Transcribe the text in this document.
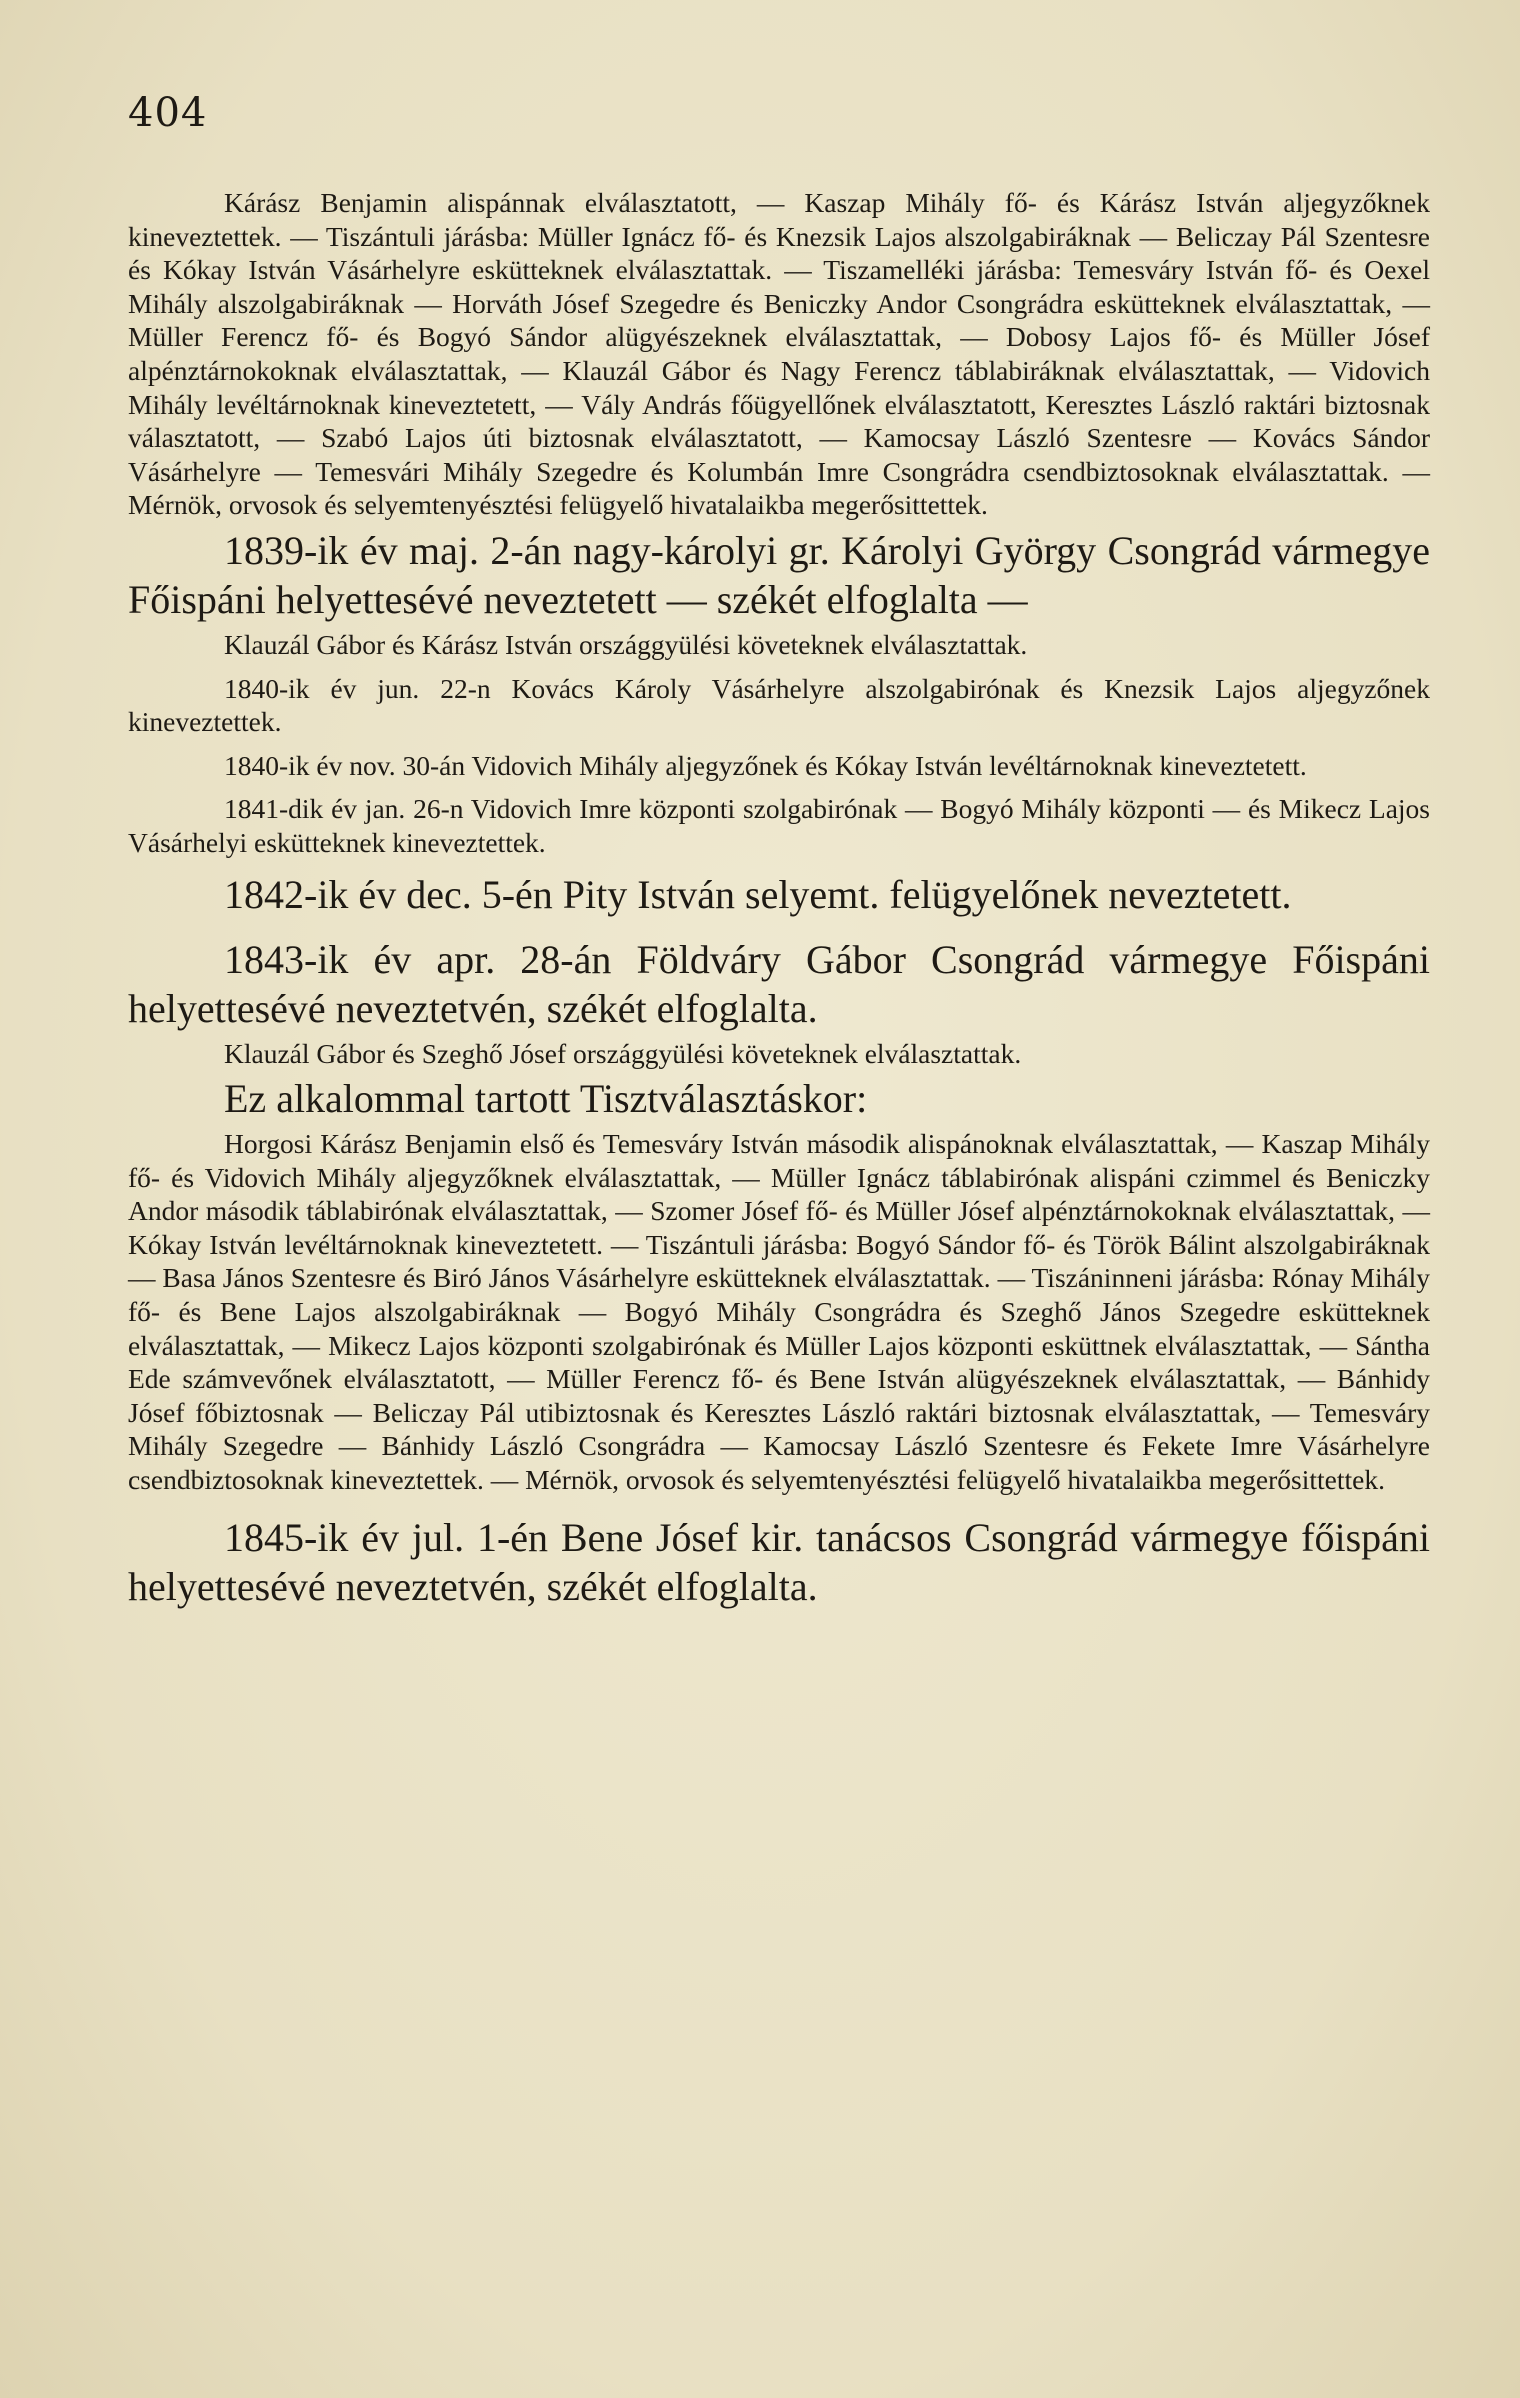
404

Kárász Benjamin alispánnak elválasztatott, — Kaszap Mihály fő- és Kárász István aljegyzőknek kineveztettek. — Tiszántuli járásba: Müller Ignácz fő- és Knezsik Lajos alszolgabiráknak — Beliczay Pál Szentesre és Kókay István Vásárhelyre eskütteknek elválasztattak. — Tiszamelléki járásba: Temesváry István fő- és Oexel Mihály alszolgabiráknak — Horváth Jósef Szegedre és Beniczky Andor Csongrádra eskütteknek elválasztattak, — Müller Ferencz fő- és Bogyó Sándor alügyészeknek elválasztattak, — Dobosy Lajos fő- és Müller Jósef alpénztárnokoknak elválasztattak, — Klauzál Gábor és Nagy Ferencz táblabiráknak elválasztattak, — Vidovich Mihály levéltárnoknak kineveztetett, — Vály András főügyellőnek elválasztatott, Keresztes László raktári biztosnak választatott, — Szabó Lajos úti biztosnak elválasztatott, — Kamocsay László Szentesre — Kovács Sándor Vásárhelyre — Temesvári Mihály Szegedre és Kolumbán Imre Csongrádra csendbiztosoknak elválasztattak. — Mérnök, orvosok és selyemtenyésztési felügyelő hivatalaikba megerősittettek.

1839-ik év maj. 2-án nagy-károlyi gr. Károlyi György Csongrád vármegye Főispáni helyettesévé neveztetett — székét elfoglalta —

Klauzál Gábor és Kárász István országgyülési követeknek elválasztattak.

1840-ik év jun. 22-n Kovács Károly Vásárhelyre alszolgabirónak és Knezsik Lajos aljegyzőnek kineveztettek.

1840-ik év nov. 30-án Vidovich Mihály aljegyzőnek és Kókay István levéltárnoknak kineveztetett.

1841-dik év jan. 26-n Vidovich Imre központi szolgabirónak — Bogyó Mihály központi — és Mikecz Lajos Vásárhelyi eskütteknek kineveztettek.

1842-ik év dec. 5-én Pity István selyemt. felügyelőnek neveztetett.

1843-ik év apr. 28-án Földváry Gábor Csongrád vármegye Főispáni helyettesévé neveztetvén, székét elfoglalta.

Klauzál Gábor és Szeghő Jósef országgyülési követeknek elválasztattak.

Ez alkalommal tartott Tisztválasztáskor:

Horgosi Kárász Benjamin első és Temesváry István második alispánoknak elválasztattak, — Kaszap Mihály fő- és Vidovich Mihály aljegyzőknek elválasztattak, — Müller Ignácz táblabirónak alispáni czimmel és Beniczky Andor második táblabirónak elválasztattak, — Szomer Jósef fő- és Müller Jósef alpénztárnokoknak elválasztattak, — Kókay István levéltárnoknak kineveztetett. — Tiszántuli járásba: Bogyó Sándor fő- és Török Bálint alszolgabiráknak — Basa János Szentesre és Biró János Vásárhelyre eskütteknek elválasztattak. — Tiszáninneni járásba: Rónay Mihály fő- és Bene Lajos alszolgabiráknak — Bogyó Mihály Csongrádra és Szeghő János Szegedre eskütteknek elválasztattak, — Mikecz Lajos központi szolgabirónak és Müller Lajos központi esküttnek elválasztattak, — Sántha Ede számvevőnek elválasztatott, — Müller Ferencz fő- és Bene István alügyészeknek elválasztattak, — Bánhidy Jósef főbiztosnak — Beliczay Pál utibiztosnak és Keresztes László raktári biztosnak elválasztattak, — Temesváry Mihály Szegedre — Bánhidy László Csongrádra — Kamocsay László Szentesre és Fekete Imre Vásárhelyre csendbiztosoknak kineveztettek. — Mérnök, orvosok és selyemtenyésztési felügyelő hivatalaikba megerősittettek.

1845-ik év jul. 1-én Bene Jósef kir. tanácsos Csongrád vármegye főispáni helyettesévé neveztetvén, székét elfoglalta.
